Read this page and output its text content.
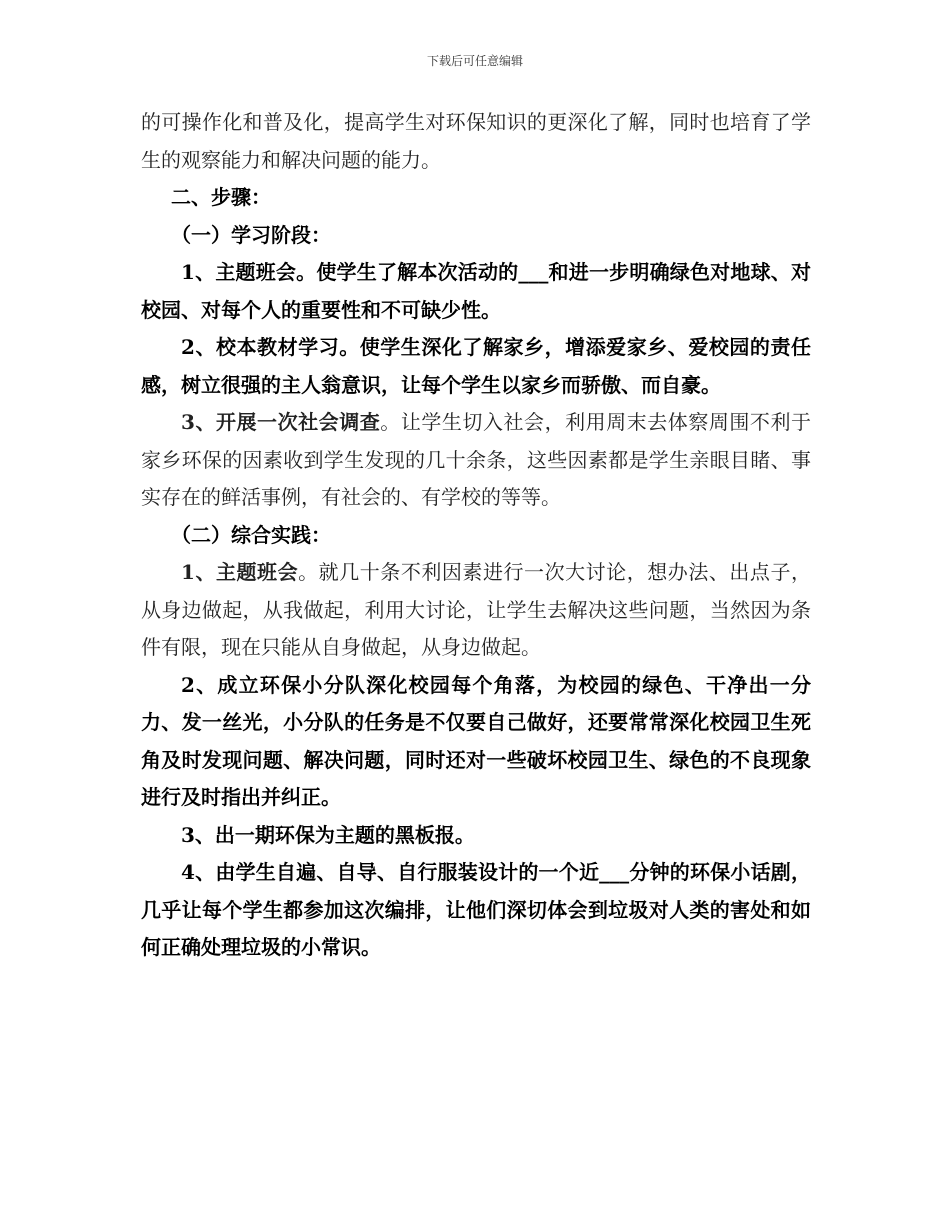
下载后可任意编辑

的可操作化和普及化，提高学生对环保知识的更深化了解，同时也培育了学生的观察能力和解决问题的能力。

二、步骤：

（一）学习阶段：

1、主题班会。使学生了解本次活动的___和进一步明确绿色对地球、对校园、对每个人的重要性和不可缺少性。

2、校本教材学习。使学生深化了解家乡，增添爱家乡、爱校园的责任感，树立很强的主人翁意识，让每个学生以家乡而骄傲、而自豪。

3、开展一次社会调查。让学生切入社会，利用周末去体察周围不利于家乡环保的因素收到学生发现的几十余条，这些因素都是学生亲眼目睹、事实存在的鲜活事例，有社会的、有学校的等等。

（二）综合实践：

1、主题班会。就几十条不利因素进行一次大讨论，想办法、出点子，从身边做起，从我做起，利用大讨论，让学生去解决这些问题，当然因为条件有限，现在只能从自身做起，从身边做起。

2、成立环保小分队深化校园每个角落，为校园的绿色、干净出一分力、发一丝光，小分队的任务是不仅要自己做好，还要常常深化校园卫生死角及时发现问题、解决问题，同时还对一些破坏校园卫生、绿色的不良现象进行及时指出并纠正。

3、出一期环保为主题的黑板报。

4、由学生自遍、自导、自行服装设计的一个近___分钟的环保小话剧，几乎让每个学生都参加这次编排，让他们深切体会到垃圾对人类的害处和如何正确处理垃圾的小常识。
